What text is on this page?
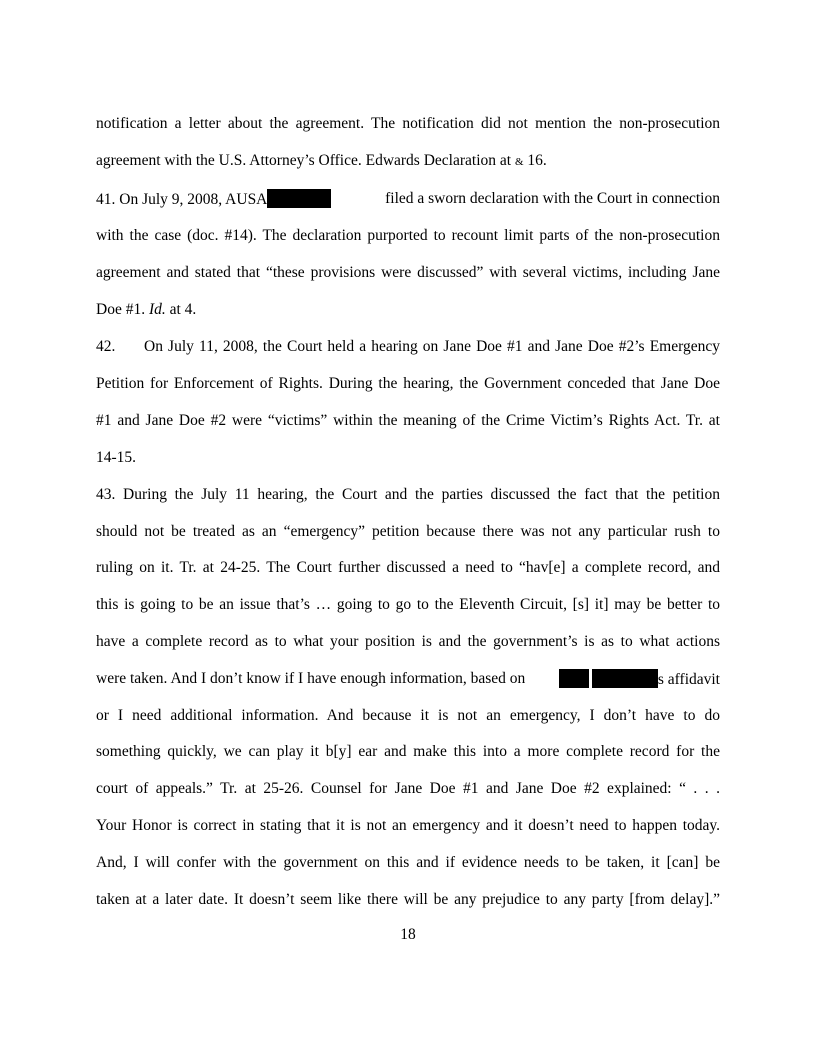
notification a letter about the agreement. The notification did not mention the non-prosecution
agreement with the U.S. Attorney’s Office. Edwards Declaration at & 16.
41. On July 9, 2008, AUSA	filed a sworn declaration with the Court in connection
with the case (doc. #14). The declaration purported to recount limit parts of the non-prosecution
agreement and stated that “these provisions were discussed” with several victims, including Jane
Doe #1. Id. at 4.
42.	On July 11, 2008, the Court held a hearing on Jane Doe #1 and Jane Doe #2’s Emergency
Petition for Enforcement of Rights. During the hearing, the Government conceded that Jane Doe
#1 and Jane Doe #2 were “victims” within the meaning of the Crime Victim’s Rights Act. Tr. at
14-15.
43. During the July 11 hearing, the Court and the parties discussed the fact that the petition
should not be treated as an “emergency” petition because there was not any particular rush to
ruling on it. Tr. at 24-25. The Court further discussed a need to “hav[e] a complete record, and
this is going to be an issue that’s … going to go to the Eleventh Circuit, [s] it] may be better to
have a complete record as to what your position is and the government’s is as to what actions
were taken. And I don’t know if I have enough information, based on	s affidavit
or I need additional information. And because it is not an emergency, I don’t have to do
something quickly, we can play it b[y] ear and make this into a more complete record for the
court of appeals.” Tr. at 25-26. Counsel for Jane Doe #1 and Jane Doe #2 explained: “ . . .
Your Honor is correct in stating that it is not an emergency and it doesn’t need to happen today.
And, I will confer with the government on this and if evidence needs to be taken, it [can] be
taken at a later date. It doesn’t seem like there will be any prejudice to any party [from delay].”
18
